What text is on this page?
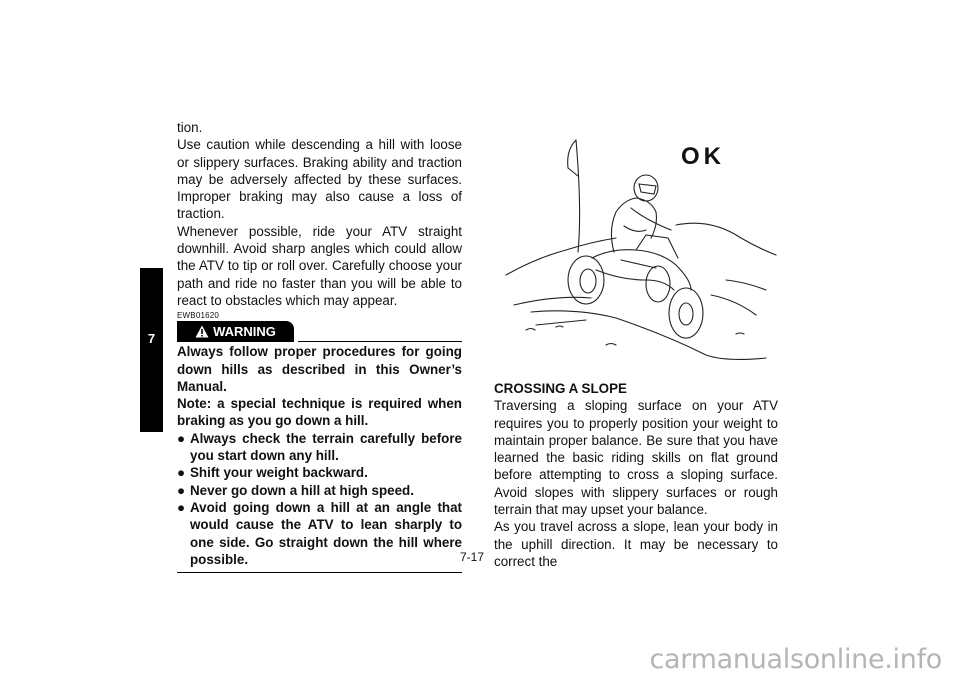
7

tion.

Use caution while descending a hill with loose or slippery surfaces. Braking ability and traction may be adversely affected by these surfaces. Improper braking may also cause a loss of traction.

Whenever possible, ride your ATV straight downhill. Avoid sharp angles which could allow the ATV to tip or roll over. Carefully choose your path and ride no faster than you will be able to react to obstacles which may appear.

EWB01620
WARNING

Always follow proper procedures for going down hills as described in this Owner’s Manual.

Note: a special technique is required when braking as you go down a hill.

● Always check the terrain carefully before you start down any hill.
● Shift your weight backward.
● Never go down a hill at high speed.
● Avoid going down a hill at an angle that would cause the ATV to lean sharply to one side. Go straight down the hill where possible.
OK

CROSSING A SLOPE

Traversing a sloping surface on your ATV requires you to properly position your weight to maintain proper balance. Be sure that you have learned the basic riding skills on flat ground before attempting to cross a sloping surface. Avoid slopes with slippery surfaces or rough terrain that may upset your balance.

As you travel across a slope, lean your body in the uphill direction. It may be necessary to correct the

7-17
carmanualsonline.info
